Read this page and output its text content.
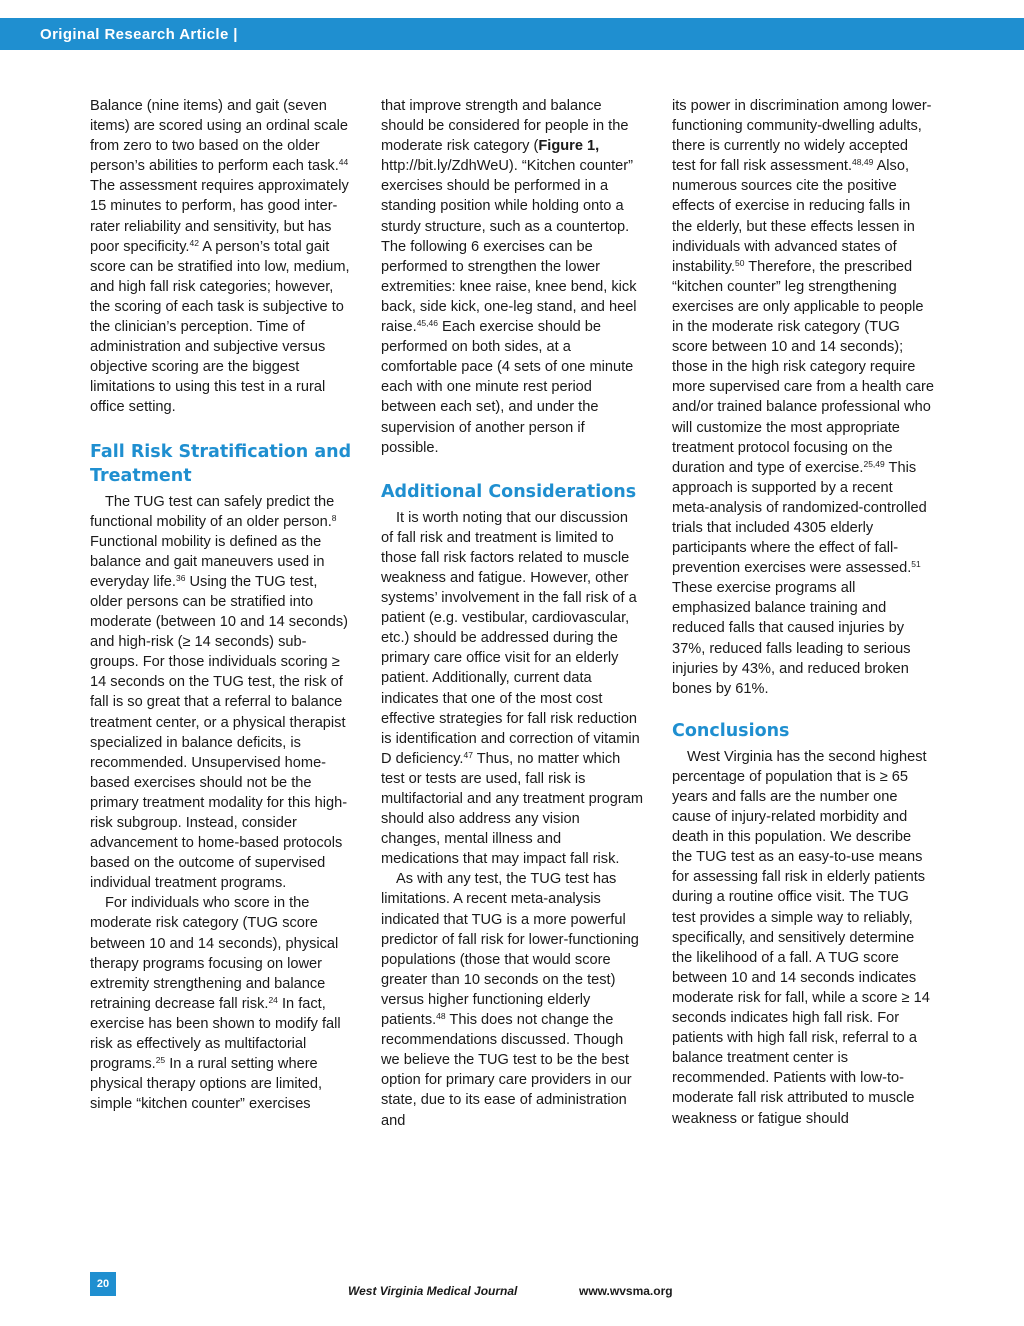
Original Research Article |

Balance (nine items) and gait (seven items) are scored using an ordinal scale from zero to two based on the older person’s abilities to perform each task.$^{44}$ The assessment requires approximately 15 minutes to perform, has good inter-rater reliability and sensitivity, but has poor specificity.$^{42}$ A person’s total gait score can be stratified into low, medium, and high fall risk categories; however, the scoring of each task is subjective to the clinician’s perception. Time of administration and subjective versus objective scoring are the biggest limitations to using this test in a rural office setting.

Fall Risk Stratification and Treatment

The TUG test can safely predict the functional mobility of an older person.$^8$ Functional mobility is defined as the balance and gait maneuvers used in everyday life.$^{36}$ Using the TUG test, older persons can be stratified into moderate (between 10 and 14 seconds) and high-risk (≥ 14 seconds) sub-groups. For those individuals scoring ≥ 14 seconds on the TUG test, the risk of fall is so great that a referral to balance treatment center, or a physical therapist specialized in balance deficits, is recommended. Unsupervised home-based exercises should not be the primary treatment modality for this high-risk subgroup. Instead, consider advancement to home-based protocols based on the outcome of supervised individual treatment programs.

For individuals who score in the moderate risk category (TUG score between 10 and 14 seconds), physical therapy programs focusing on lower extremity strengthening and balance retraining decrease fall risk.$^{24}$ In fact, exercise has been shown to modify fall risk as effectively as multifactorial programs.$^{25}$ In a rural setting where physical therapy options are limited, simple “kitchen counter” exercises

that improve strength and balance should be considered for people in the moderate risk category (Figure 1, http://bit.ly/ZdhWeU). “Kitchen counter” exercises should be performed in a standing position while holding onto a sturdy structure, such as a countertop. The following 6 exercises can be performed to strengthen the lower extremities: knee raise, knee bend, kick back, side kick, one-leg stand, and heel raise.$^{45,46}$ Each exercise should be performed on both sides, at a comfortable pace (4 sets of one minute each with one minute rest period between each set), and under the supervision of another person if possible.

Additional Considerations

It is worth noting that our discussion of fall risk and treatment is limited to those fall risk factors related to muscle weakness and fatigue. However, other systems’ involvement in the fall risk of a patient (e.g. vestibular, cardiovascular, etc.) should be addressed during the primary care office visit for an elderly patient. Additionally, current data indicates that one of the most cost effective strategies for fall risk reduction is identification and correction of vitamin D deficiency.$^{47}$ Thus, no matter which test or tests are used, fall risk is multifactorial and any treatment program should also address any vision changes, mental illness and medications that may impact fall risk.

As with any test, the TUG test has limitations. A recent meta-analysis indicated that TUG is a more powerful predictor of fall risk for lower-functioning populations (those that would score greater than 10 seconds on the test) versus higher functioning elderly patients.$^{48}$ This does not change the recommendations discussed. Though we believe the TUG test to be the best option for primary care providers in our state, due to its ease of administration and

its power in discrimination among lower-functioning community-dwelling adults, there is currently no widely accepted test for fall risk assessment.$^{48,49}$ Also, numerous sources cite the positive effects of exercise in reducing falls in the elderly, but these effects lessen in individuals with advanced states of instability.$^{50}$ Therefore, the prescribed “kitchen counter” leg strengthening exercises are only applicable to people in the moderate risk category (TUG score between 10 and 14 seconds); those in the high risk category require more supervised care from a health care and/or trained balance professional who will customize the most appropriate treatment protocol focusing on the duration and type of exercise.$^{25,49}$ This approach is supported by a recent meta-analysis of randomized-controlled trials that included 4305 elderly participants where the effect of fall-prevention exercises were assessed.$^{51}$ These exercise programs all emphasized balance training and reduced falls that caused injuries by 37%, reduced falls leading to serious injuries by 43%, and reduced broken bones by 61%.

Conclusions

West Virginia has the second highest percentage of population that is ≥ 65 years and falls are the number one cause of injury-related morbidity and death in this population. We describe the TUG test as an easy-to-use means for assessing fall risk in elderly patients during a routine office visit. The TUG test provides a simple way to reliably, specifically, and sensitively determine the likelihood of a fall. A TUG score between 10 and 14 seconds indicates moderate risk for fall, while a score ≥ 14 seconds indicates high fall risk. For patients with high fall risk, referral to a balance treatment center is recommended. Patients with low-to-moderate fall risk attributed to muscle weakness or fatigue should

20	West Virginia Medical Journal	www.wvsma.org
